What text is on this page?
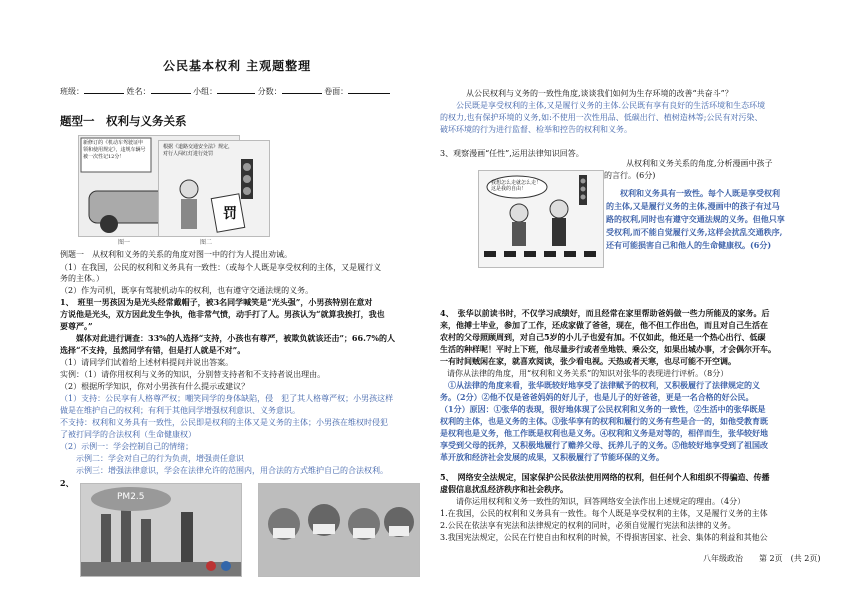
公民基本权利 主观题整理
班级：	姓名：	小组：	分数：	卷面：
题型一　权利与义务关系
新修订的《机动车驾驶证申领和使用规定》，违规车辆号被一次性记12分！
图一
根据《道路交通安全法》规定，对行人闯红灯进行处罚
罚
图二
例题一　从权利和义务的关系的角度对图一中的行为人提出劝诫。
（1）在我国，公民的权利和义务具有一致性：（或每个人既是享受权利的主体，又是履行义
务的主体。）
（2）作为司机，既享有驾驶机动车的权利，也有遵守交通法规的义务。
1、　班里一男孩因为是光头经常戴帽子，被3名同学喊笑是“光头强”，小男孩特别在意对
方说他是光头，双方因此发生争执，他非常气愤，动手打了人。男孩认为“就算我挨打，我也
要尊严。”
　　媒体对此进行调查：33%的人选择“支持，小孩也有尊严，被欺负就该还击”；66.7%的人
选择“不支持，虽然同学有错，但是打人就是不对”。
（1）请同学们试着给上述材料提问并说出答案。
实例：（1）请你用权利与义务的知识，分别替支持者和不支持者说出理由。
（2）根据所学知识，你对小男孩有什么提示或建议？
（1）支持：公民享有人格尊严权；嘲笑同学的身体缺陷，侵　犯了其人格尊严权；小男孩这样
做是在维护自己的权利；有利于其他同学增强权利意识、义务意识。
不支持：权利和义务具有一致性，公民即是权利的主体又是义务的主体；小男孩在维权时侵犯
了被打同学的合法权利（生命健康权）
（2）示例一：学会控制自己的情绪；
　　示例二：学会对自己的行为负责，增强责任意识
　　示例三：增强法律意识，学会在法律允许的范围内，用合法的方式维护自己的合法权利。
2、
PM2.5
从公民权利与义务的一致性角度,谈谈我们如何为生存环境的改善“共奋斗”？
　　公民既是享受权利的主体,又是履行义务的主体.公民既有享有良好的生活环境和生态环境
的权力,也有保护环境的义务,如:不使用一次性用品、低碳出行、植树造林等;公民有对污染、
破坏环境的行为进行监督、检举和控告的权利和义务。
3、观察漫画“任性”,运用法律知识回答。
我想怎么走就怎么走！这是我的自由！
从权利和义务关系的角度,分析漫画中孩子
的言行。(6分)
权利和义务具有一致性。每个人既是享受权利
的主体,又是履行义务的主体,漫画中的孩子有过马
路的权利,同时也有遵守交通法规的义务。但他只享
受权利,而不能自觉履行义务,这样会扰乱交通秩序,
还有可能损害自己和他人的生命健康权。(6分)
4、　张华以前读书时，不仅学习成绩好，而且经常在家里帮助爸妈做一些力所能及的家务。后
来，他搏士毕业，参加了工作，还成家做了爸爸，现在，他不但工作出色，而且对自己生活在
农村的父母照顾周到，对自己5岁的小儿子也爱有加。不仅如此，他还是一个热心出行、低碳
生活的种样呢！平时上下班，他尽量步行或者坐地铁、乘公交，如果出城办事，才会偶尔开车。
一有时间贼闲在家，就喜欢阅读，张少看电视。天热或者天寒，也尽可能不开空调。
请你从法律的角度，用“权利和义务关系”的知识对张华的表现进行评析。（8分）
　①从法律的角度来看，张华既较好地享受了法律赋予的权利，又积极履行了法律规定的义
务。（2分）②他不仅是爸爸妈妈的好儿子，也是儿子的好爸爸，更是一名合格的好公民。
（1分）原因：①张华的表现，很好地体现了公民权利和义务的一致性，②生活中的张华既是
权利的主体，也是义务的主体。③张华享有的权利和履行的义务有些是合一的，如他受教育既
是权利也是义务，他工作既是权利也是义务。④权利和义务是对等的，相伴而生，张华较好地
享受到父母的抚养，又积极地履行了赡养父母、抚养儿子的义务。⑤他较好地享受到了祖国改
革开放和经济社会发展的成果，又积极履行了节能环保的义务。
5、　网络安全法规定，国家保护公民依法使用网络的权利，但任何个人和组织不得骗造、传播
虚假信息扰乱经济秩序和社会秩序。
　　请你运用权利和义务一致性的知识，回答网络安全法作出上述规定的理由。（4分）
1.在我国，公民的权利和义务具有一致性。每个人既是享受权利的主体，又是履行义务的主体
2.公民在依法享有宪法和法律规定的权利的同时，必须自觉履行宪法和法律的义务。
3.我国宪法规定，公民在行使自由和权利的时候，不得损害国家、社会、集体的利益和其他公
八年级政治　　第 2页　(共 2页)
